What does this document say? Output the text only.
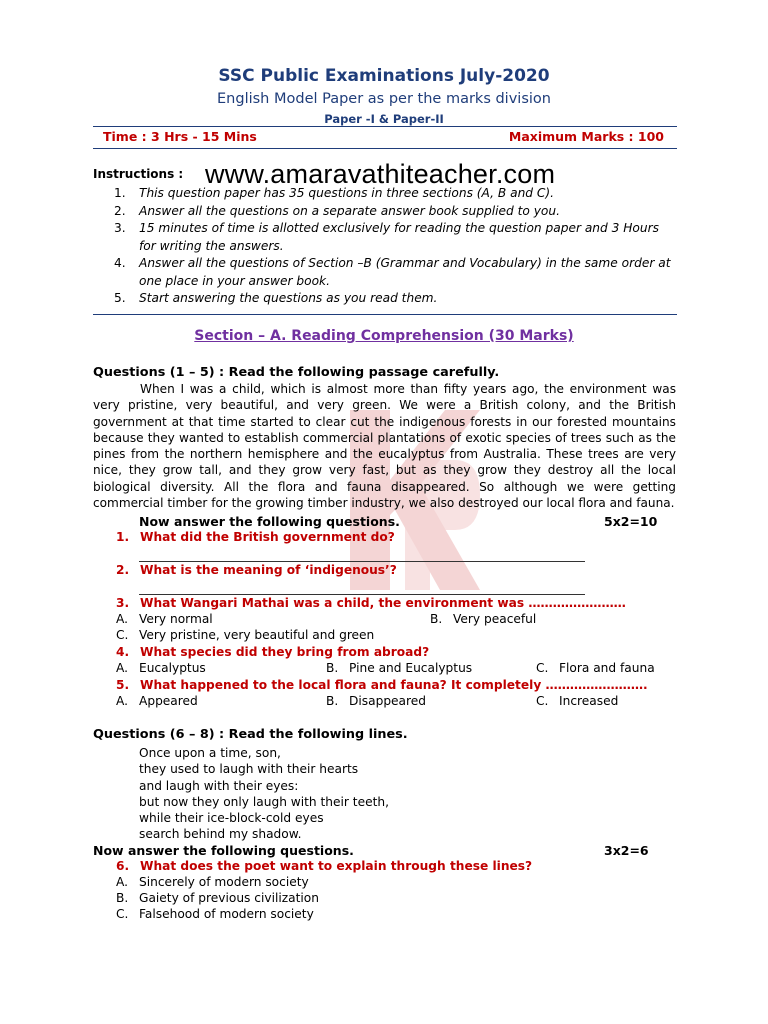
SSC Public Examinations July-2020
English Model Paper as per the marks division
Paper -I & Paper-II
Time : 3 Hrs - 15 Mins	Maximum Marks : 100
Instructions : www.amaravathiteacher.com
1. This question paper has 35 questions in three sections (A, B and C).
2. Answer all the questions on a separate answer book supplied to you.
3. 15 minutes of time is allotted exclusively for reading the question paper and 3 Hours for writing the answers.
4. Answer all the questions of Section –B (Grammar and Vocabulary) in the same order at one place in your answer book.
5. Start answering the questions as you read them.
Section – A. Reading Comprehension (30 Marks)
Questions (1 – 5) : Read the following passage carefully.
When I was a child, which is almost more than fifty years ago, the environment was very pristine, very beautiful, and very green. We were a British colony, and the British government at that time started to clear cut the indigenous forests in our forested mountains because they wanted to establish commercial plantations of exotic species of trees such as the pines from the northern hemisphere and the eucalyptus from Australia. These trees are very nice, they grow tall, and they grow very fast, but as they grow they destroy all the local biological diversity. All the flora and fauna disappeared. So although we were getting commercial timber for the growing timber industry, we also destroyed our local flora and fauna.
Now answer the following questions.	5x2=10
1. What did the British government do?
2. What is the meaning of ‘indigenous’?
3. What Wangari Mathai was a child, the environment was ……………………
A. Very normal	B. Very peaceful
C. Very pristine, very beautiful and green
4. What species did they bring from abroad?
A. Eucalyptus	B. Pine and Eucalyptus	C. Flora and fauna
5. What happened to the local flora and fauna? It completely …………………….
A. Appeared	B. Disappeared	C. Increased
Questions (6 – 8) : Read the following lines.
Once upon a time, son,
they used to laugh with their hearts
and laugh with their eyes:
but now they only laugh with their teeth,
while their ice-block-cold eyes
search behind my shadow.
Now answer the following questions.	3x2=6
6. What does the poet want to explain through these lines?
A. Sincerely of modern society
B. Gaiety of previous civilization
C. Falsehood of modern society
